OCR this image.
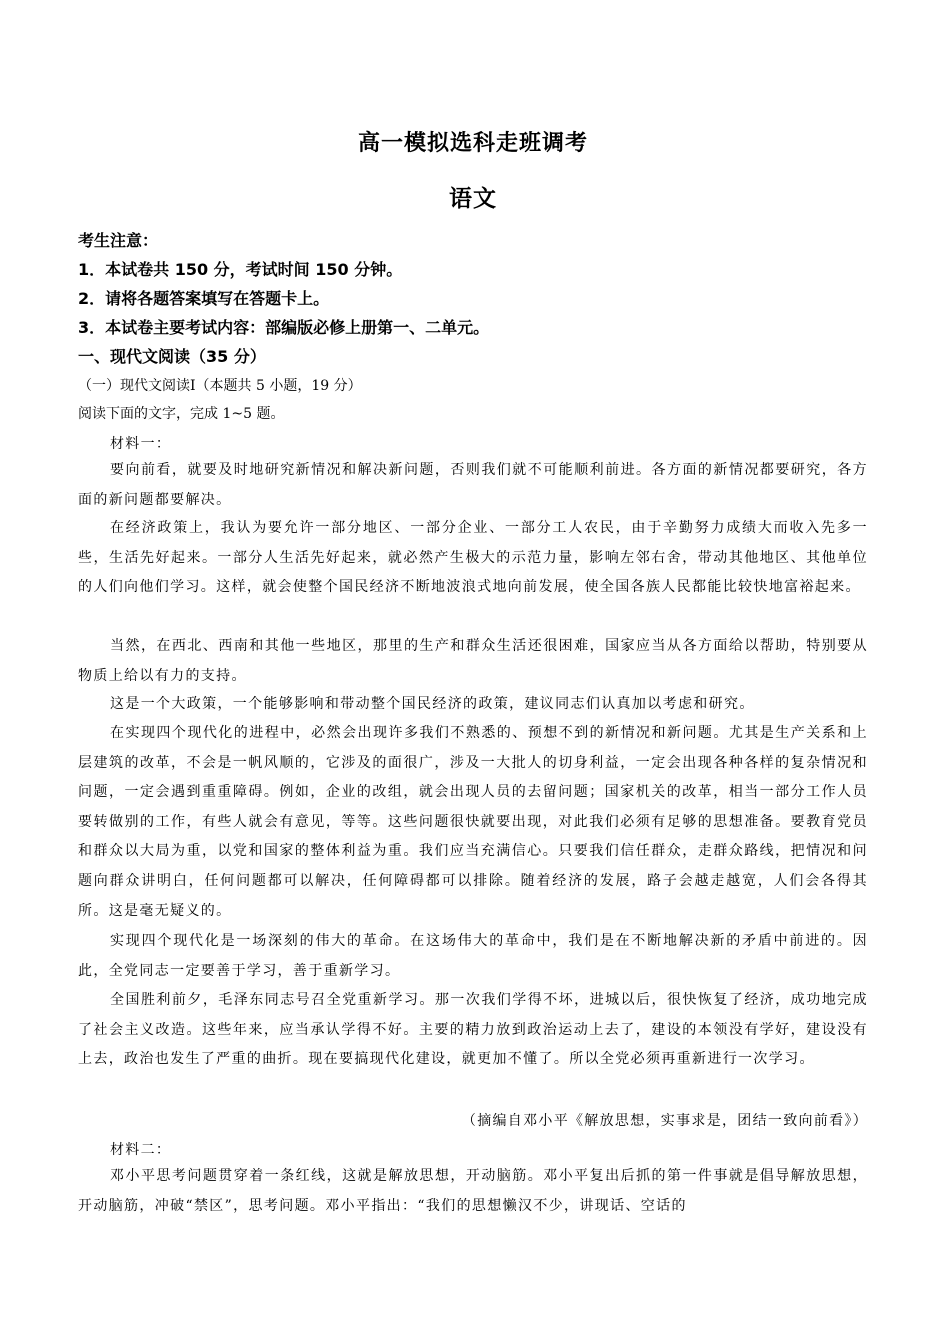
高一模拟选科走班调考
语文
考生注意：
1．本试卷共 150 分，考试时间 150 分钟。
2．请将各题答案填写在答题卡上。
3．本试卷主要考试内容：部编版必修上册第一、二单元。
一、现代文阅读（35 分）
（一）现代文阅读Ⅰ（本题共 5 小题，19 分）
阅读下面的文字，完成 1~5 题。
材料一：
要向前看，就要及时地研究新情况和解决新问题，否则我们就不可能顺利前进。各方面的新情况都要研究，各方面的新问题都要解决。
在经济政策上，我认为要允许一部分地区、一部分企业、一部分工人农民，由于辛勤努力成绩大而收入先多一些，生活先好起来。一部分人生活先好起来，就必然产生极大的示范力量，影响左邻右舍，带动其他地区、其他单位的人们向他们学习。这样，就会使整个国民经济不断地波浪式地向前发展，使全国各族人民都能比较快地富裕起来。
当然，在西北、西南和其他一些地区，那里的生产和群众生活还很困难，国家应当从各方面给以帮助，特别要从物质上给以有力的支持。
这是一个大政策，一个能够影响和带动整个国民经济的政策，建议同志们认真加以考虑和研究。
在实现四个现代化的进程中，必然会出现许多我们不熟悉的、预想不到的新情况和新问题。尤其是生产关系和上层建筑的改革，不会是一帆风顺的，它涉及的面很广，涉及一大批人的切身利益，一定会出现各种各样的复杂情况和问题，一定会遇到重重障碍。例如，企业的改组，就会出现人员的去留问题；国家机关的改革，相当一部分工作人员要转做别的工作，有些人就会有意见，等等。这些问题很快就要出现，对此我们必须有足够的思想准备。要教育党员和群众以大局为重，以党和国家的整体利益为重。我们应当充满信心。只要我们信任群众，走群众路线，把情况和问题向群众讲明白，任何问题都可以解决，任何障碍都可以排除。随着经济的发展，路子会越走越宽，人们会各得其所。这是毫无疑义的。
实现四个现代化是一场深刻的伟大的革命。在这场伟大的革命中，我们是在不断地解决新的矛盾中前进的。因此，全党同志一定要善于学习，善于重新学习。
全国胜利前夕，毛泽东同志号召全党重新学习。那一次我们学得不坏，进城以后，很快恢复了经济，成功地完成了社会主义改造。这些年来，应当承认学得不好。主要的精力放到政治运动上去了，建设的本领没有学好，建设没有上去，政治也发生了严重的曲折。现在要搞现代化建设，就更加不懂了。所以全党必须再重新进行一次学习。
（摘编自邓小平《解放思想，实事求是，团结一致向前看》）
材料二：
邓小平思考问题贯穿着一条红线，这就是解放思想，开动脑筋。邓小平复出后抓的第一件事就是倡导解放思想，开动脑筋，冲破“禁区”，思考问题。邓小平指出：“我们的思想懒汉不少，讲现话、空话的
